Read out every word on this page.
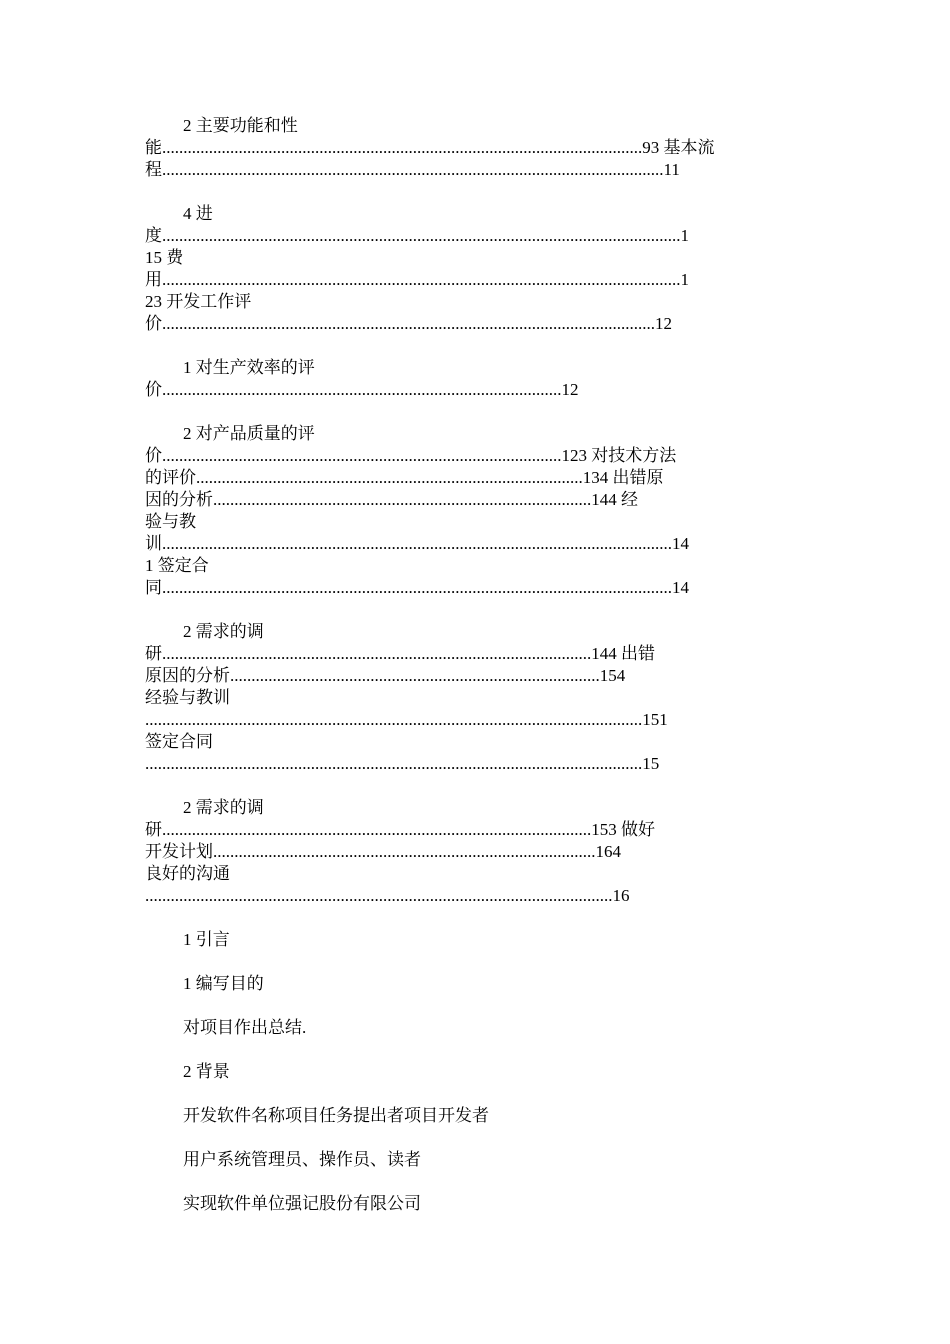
2 主要功能和性
能.................................................................................................................93 基本流
程......................................................................................................................11
4 进
度..........................................................................................................................1
15 费
用..........................................................................................................................1
23 开发工作评
价....................................................................................................................12
1 对生产效率的评
价..............................................................................................12
2 对产品质量的评
价..............................................................................................123 对技术方法
的评价...........................................................................................134 出错原
因的分析.........................................................................................144 经
验与教
训........................................................................................................................14
1 签定合
同........................................................................................................................14
2 需求的调
研.....................................................................................................144 出错
原因的分析.......................................................................................154
经验与教训
.....................................................................................................................151
签定合同
.....................................................................................................................15
2 需求的调
研.....................................................................................................153 做好
开发计划..........................................................................................164
良好的沟通
..............................................................................................................16
1 引言
1 编写目的
对项目作出总结.
2 背景
开发软件名称项目任务提出者项目开发者
用户系统管理员、操作员、读者
实现软件单位强记股份有限公司
